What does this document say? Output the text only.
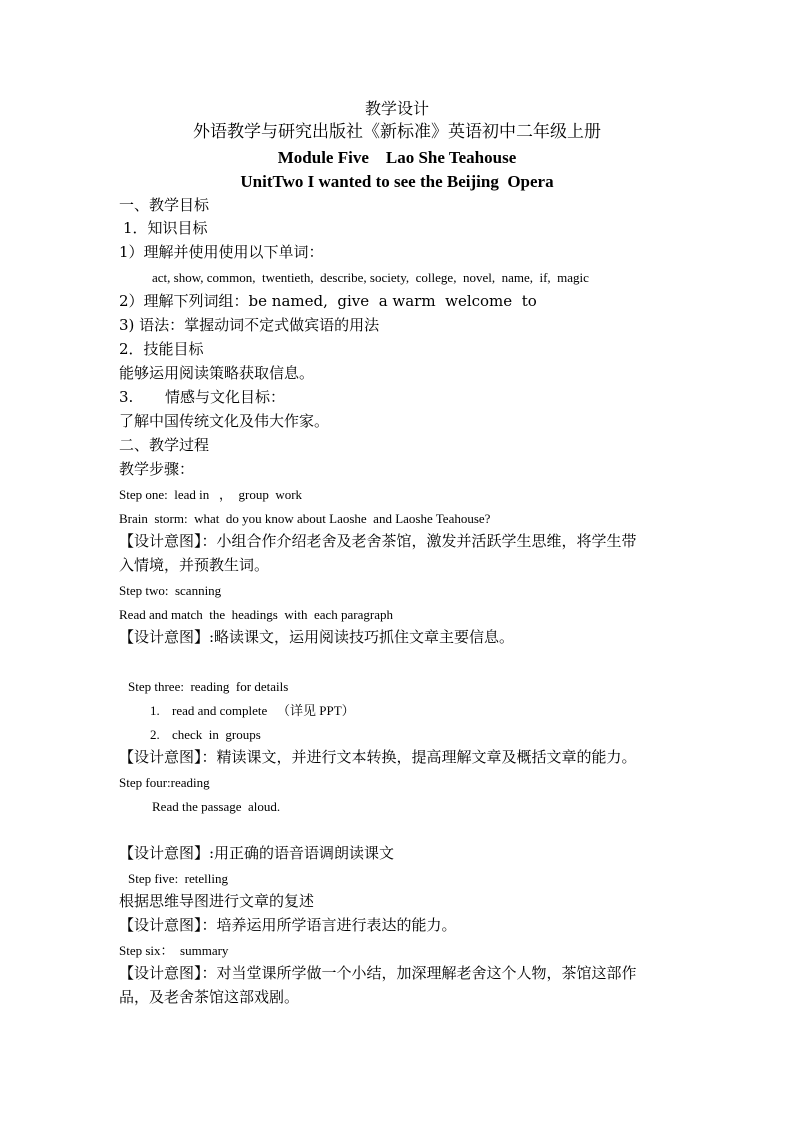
教学设计
外语教学与研究出版社《新标准》英语初中二年级上册
Module Five    Lao She Teahouse
UnitTwo I wanted to see the Beijing  Opera
一、教学目标
1．知识目标
1）理解并使用使用以下单词：
act, show, common,  twentieth,  describe, society,  college,  novel,  name,  if,  magic
2）理解下列词组：be named,  give  a warm  welcome  to
3) 语法：掌握动词不定式做宾语的用法
2．技能目标
能够运用阅读策略获取信息。
3. 情感与文化目标：
了解中国传统文化及伟大作家。
二、教学过程
教学步骤：
Step one:  lead in   ，  group  work
Brain  storm:  what  do you know about Laoshe  and Laoshe Teahouse?
【设计意图】：小组合作介绍老舍及老舍茶馆，激发并活跃学生思维，将学生带
入情境，并预教生词。
Step two:  scanning
Read and match  the  headings  with  each paragraph
【设计意图】:略读课文，运用阅读技巧抓住文章主要信息。
Step three:  reading  for details
1. read and complete   （详见 PPT）
2. check  in  groups
【设计意图】：精读课文，并进行文本转换，提高理解文章及概括文章的能力。
Step four:reading
Read the passage  aloud.
【设计意图】:用正确的语音语调朗读课文
Step five:  retelling
根据思维导图进行文章的复述
【设计意图】：培养运用所学语言进行表达的能力。
Step six：  summary
【设计意图】：对当堂课所学做一个小结，加深理解老舍这个人物，茶馆这部作
品，及老舍茶馆这部戏剧。
